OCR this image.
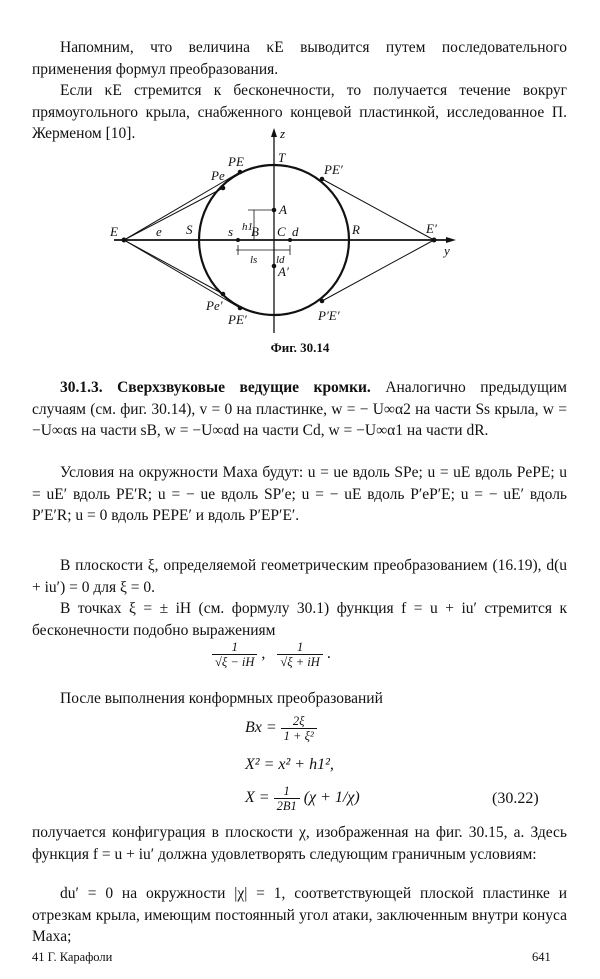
Напомним, что величина κE выводится путем последовательного применения формул преобразования.

Если κE стремится к бесконечности, то получается течение вокруг прямоугольного крыла, снабженного концевой пластинкой, исследованное П. Жерменом [10].	z
T
Pe
PE
PE′
A
h1
E	e S	s B C d	R	E′
y
ls ld
A′
Pe′
PE′	P′E′
Фиг. 30.14

30.1.3. Сверхзвуковые ведущие кромки. Аналогично предыдущим случаям (см. фиг. 30.14), v = 0 на пластинке, w = − U∞α2 на части Ss крыла, w = −U∞αs на части sB, w = −U∞αd на части Cd, w = −U∞α1 на части dR.

Условия на окружности Маха будут: u = ue вдоль SPe; u = uE вдоль PePE; u = uE′ вдоль PE′R; u = − ue вдоль SP′e; u = − uE вдоль P′eP′E; u = − uE′ вдоль P′E′R; u = 0 вдоль PEPE′ и вдоль P′EP′E′.

В плоскости ξ, определяемой геометрическим преобразованием (16.19), d(u + iu′) = 0 для ξ = 0.

В точках ξ = ± iH (см. формулу 30.1) функция f = u + iu′ стремится к бесконечности подобно выражениям

$\frac{1}{√\xi - iH}$ , $\frac{1}{√\xi + iH}$ .

После выполнения конформных преобразований

$Bx = \frac{2\xi}{\text{1 + ξ²}}$
X² = x² + h1²,
$X = \frac{1}{2B1} (\chi + 1/\chi)$	(30.22)

получается конфигурация в плоскости χ, изображенная на фиг. 30.15, а. Здесь функция f = u + iu′ должна удовлетворять следующим граничным условиям:

du′ = 0 на окружности |χ| = 1, соответствующей плоской пластинке и отрезкам крыла, имеющим постоянный угол атаки, заключенным внутри конуса Маха;

41 Г. Карафоли	641
